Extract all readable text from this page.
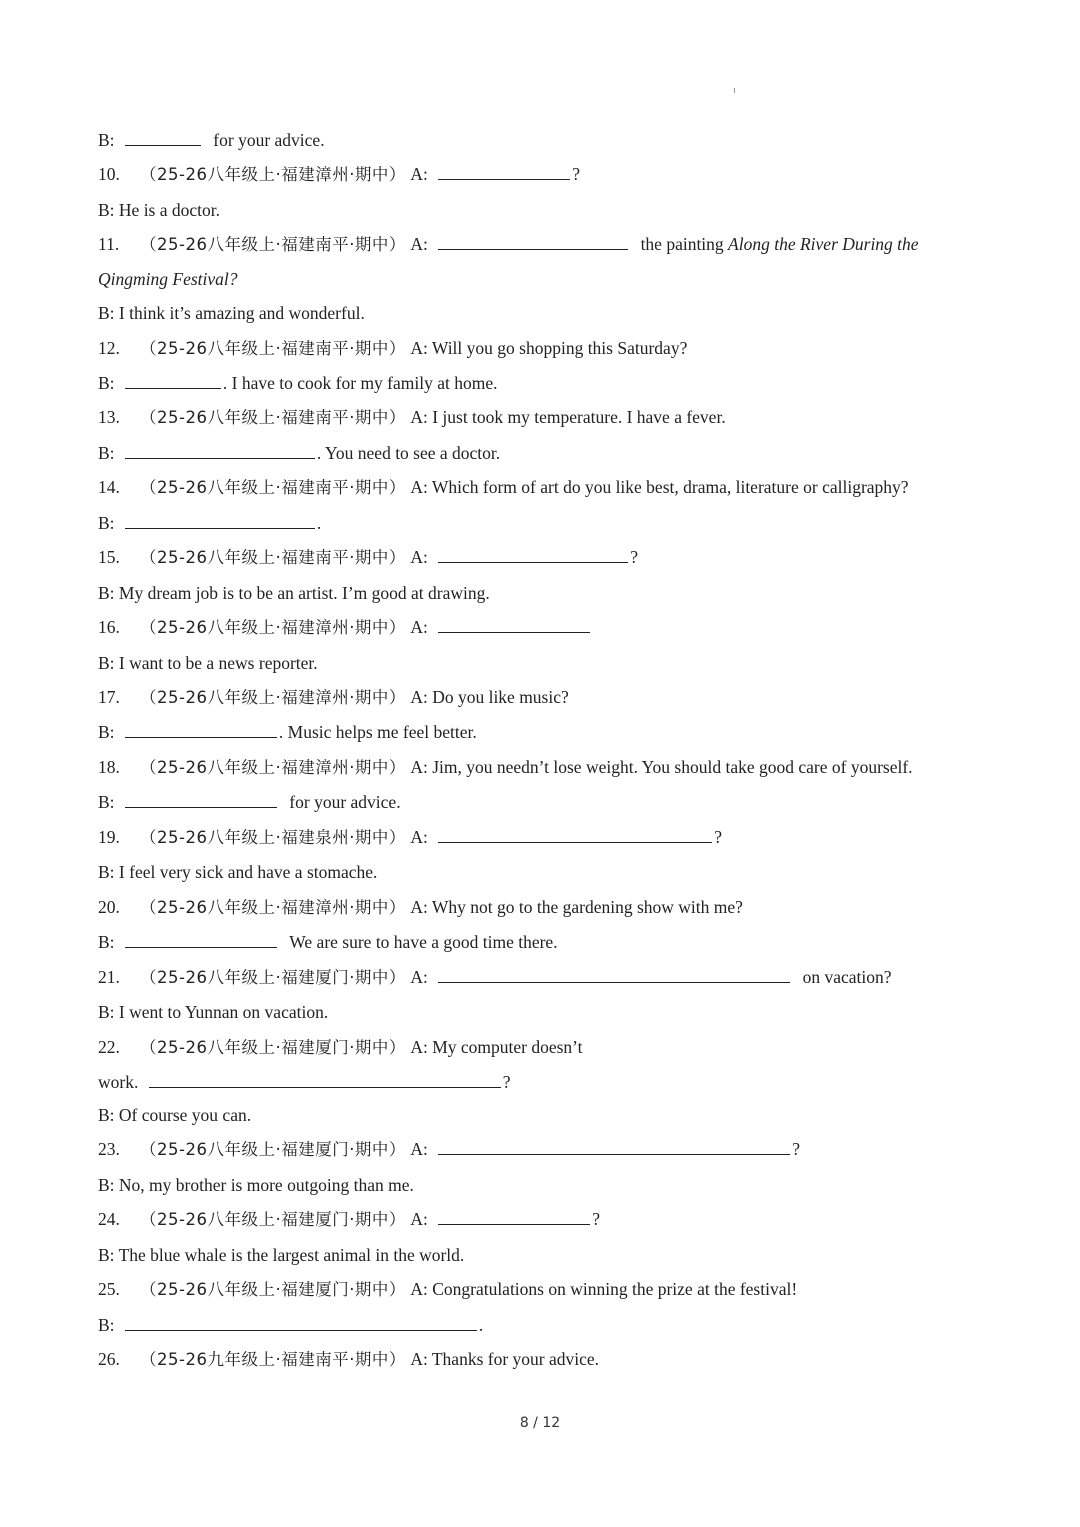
B:	for your advice.
10. （25-26八年级上·福建漳州·期中） A:	?
B: He is a doctor.
11. （25-26八年级上·福建南平·期中） A:	the painting Along the River During the
Qingming Festival?
B: I think it’s amazing and wonderful.
12. （25-26八年级上·福建南平·期中） A: Will you go shopping this Saturday?
B:	. I have to cook for my family at home.
13. （25-26八年级上·福建南平·期中） A: I just took my temperature. I have a fever.
B:	. You need to see a doctor.
14. （25-26八年级上·福建南平·期中） A: Which form of art do you like best, drama, literature or calligraphy?
B:	.
15. （25-26八年级上·福建南平·期中） A:	?
B: My dream job is to be an artist. I’m good at drawing.
16. （25-26八年级上·福建漳州·期中） A:
B: I want to be a news reporter.
17. （25-26八年级上·福建漳州·期中） A: Do you like music?
B:	. Music helps me feel better.
18. （25-26八年级上·福建漳州·期中） A: Jim, you needn’t lose weight. You should take good care of yourself.
B:	for your advice.
19. （25-26八年级上·福建泉州·期中） A:	?
B: I feel very sick and have a stomache.
20. （25-26八年级上·福建漳州·期中） A: Why not go to the gardening show with me?
B:	We are sure to have a good time there.
21. （25-26八年级上·福建厦门·期中） A:	on vacation?
B: I went to Yunnan on vacation.
22. （25-26八年级上·福建厦门·期中） A: My computer doesn’t
work.	?
B: Of course you can.
23. （25-26八年级上·福建厦门·期中） A:	?
B: No, my brother is more outgoing than me.
24. （25-26八年级上·福建厦门·期中） A:	?
B: The blue whale is the largest animal in the world.
25. （25-26八年级上·福建厦门·期中） A: Congratulations on winning the prize at the festival!
B:	.
26. （25-26九年级上·福建南平·期中） A: Thanks for your advice.
8 / 12
